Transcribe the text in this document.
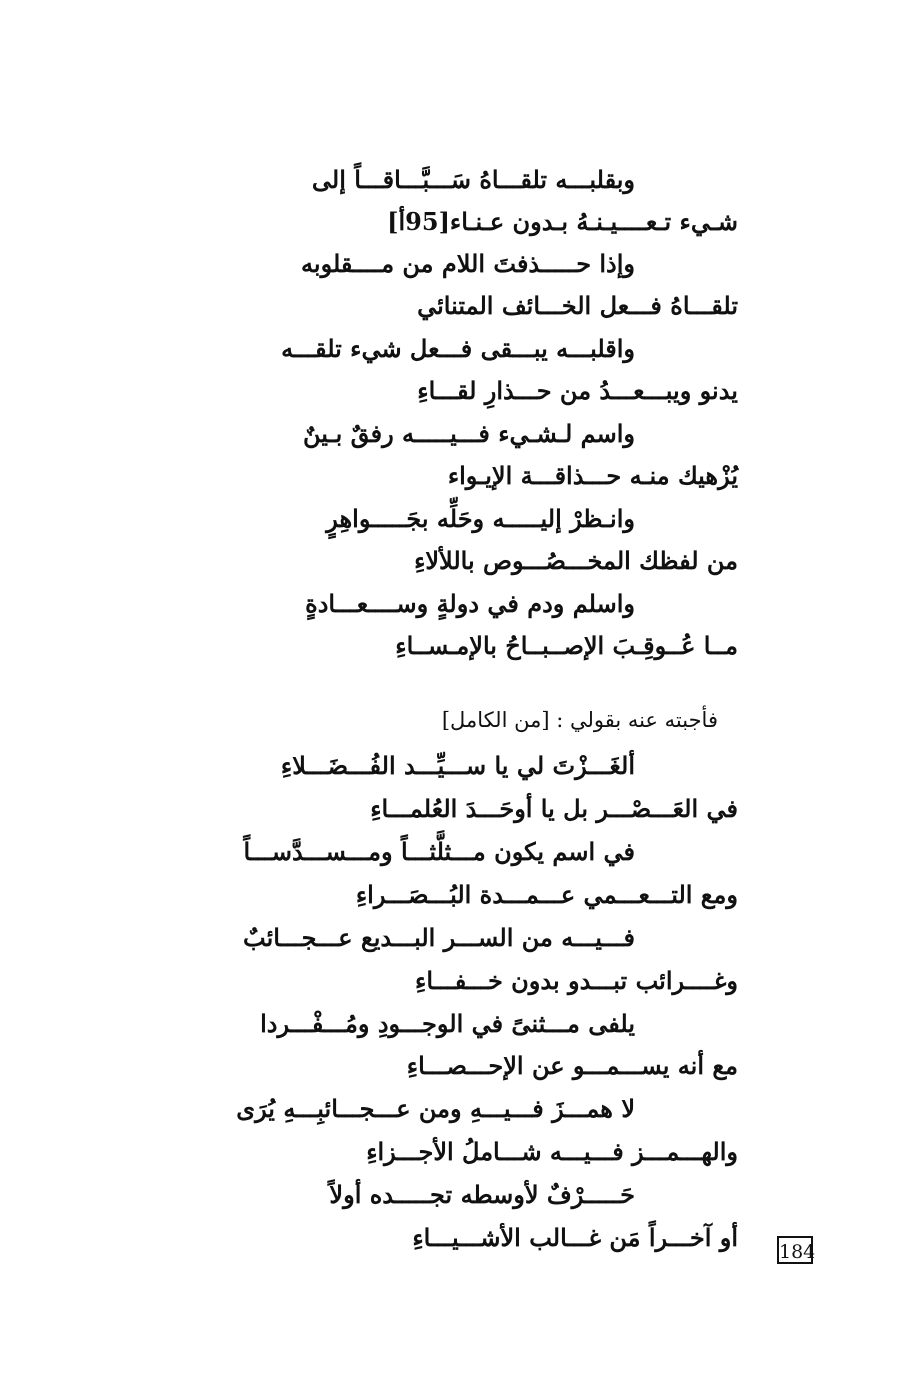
وبقلبـــه تلقـــاهُ سَـــبَّـــاقـــاً إلى
شـيء تـعــــيـنـهُ بـدون عـنـاء[95أ]
وإذا حـــــذفتَ اللام من مــــقلوبه
تلقـــاهُ فـــعل الخـــائف المتنائي
واقلبـــه يبـــقى فـــعل شيء تلقـــه
يدنو ويبـــعـــدُ من حـــذارِ لقـــاءِ
واسم لـشـيء فـــيـــــه رفقٌ بـينٌ
يُزْهيك منـه حـــذاقـــة الإيـواء
وانـظرْ إليـــــه وحَلِّه بجَـــــواهِرٍ
من لفظك المخـــصُـــوص باللألاءِ
واسلم ودم في دولةٍ وســــعـــادةٍ
مــا عُــوقِـبَ الإصــبــاحُ بالإمـســاءِ
فأجبته عنه بقولي : [من الكامل]
ألغَـــزْتَ لي يا ســـيِّـــد الفُـــضَـــلاءِ
في العَـــصْـــر بل يا أوحَـــدَ العُلمـــاءِ
في اسم يكون مـــثلَّثـــاً ومـــســـدَّســـاً
ومع التـــعـــمي عـــمـــدة البُـــصَـــراءِ
فـــيـــه من الســـر البـــديع عـــجـــائبٌ
وغــــرائب تبـــدو بدون خـــفـــاءِ
يلفى مـــثنىً في الوجـــودِ ومُـــفْـــردا
مع أنه يســـمـــو عن الإحـــصـــاءِ
لا همـــزَ فـــيـــهِ ومن عـــجـــائبِـــهِ يُرَى
والهـــمـــز فـــيـــه شـــاملُ الأجـــزاءِ
حَـــــرْفٌ لأوسطه تجـــــده أولاً
أو آخـــراً مَن غـــالب الأشـــيـــاءِ 184
